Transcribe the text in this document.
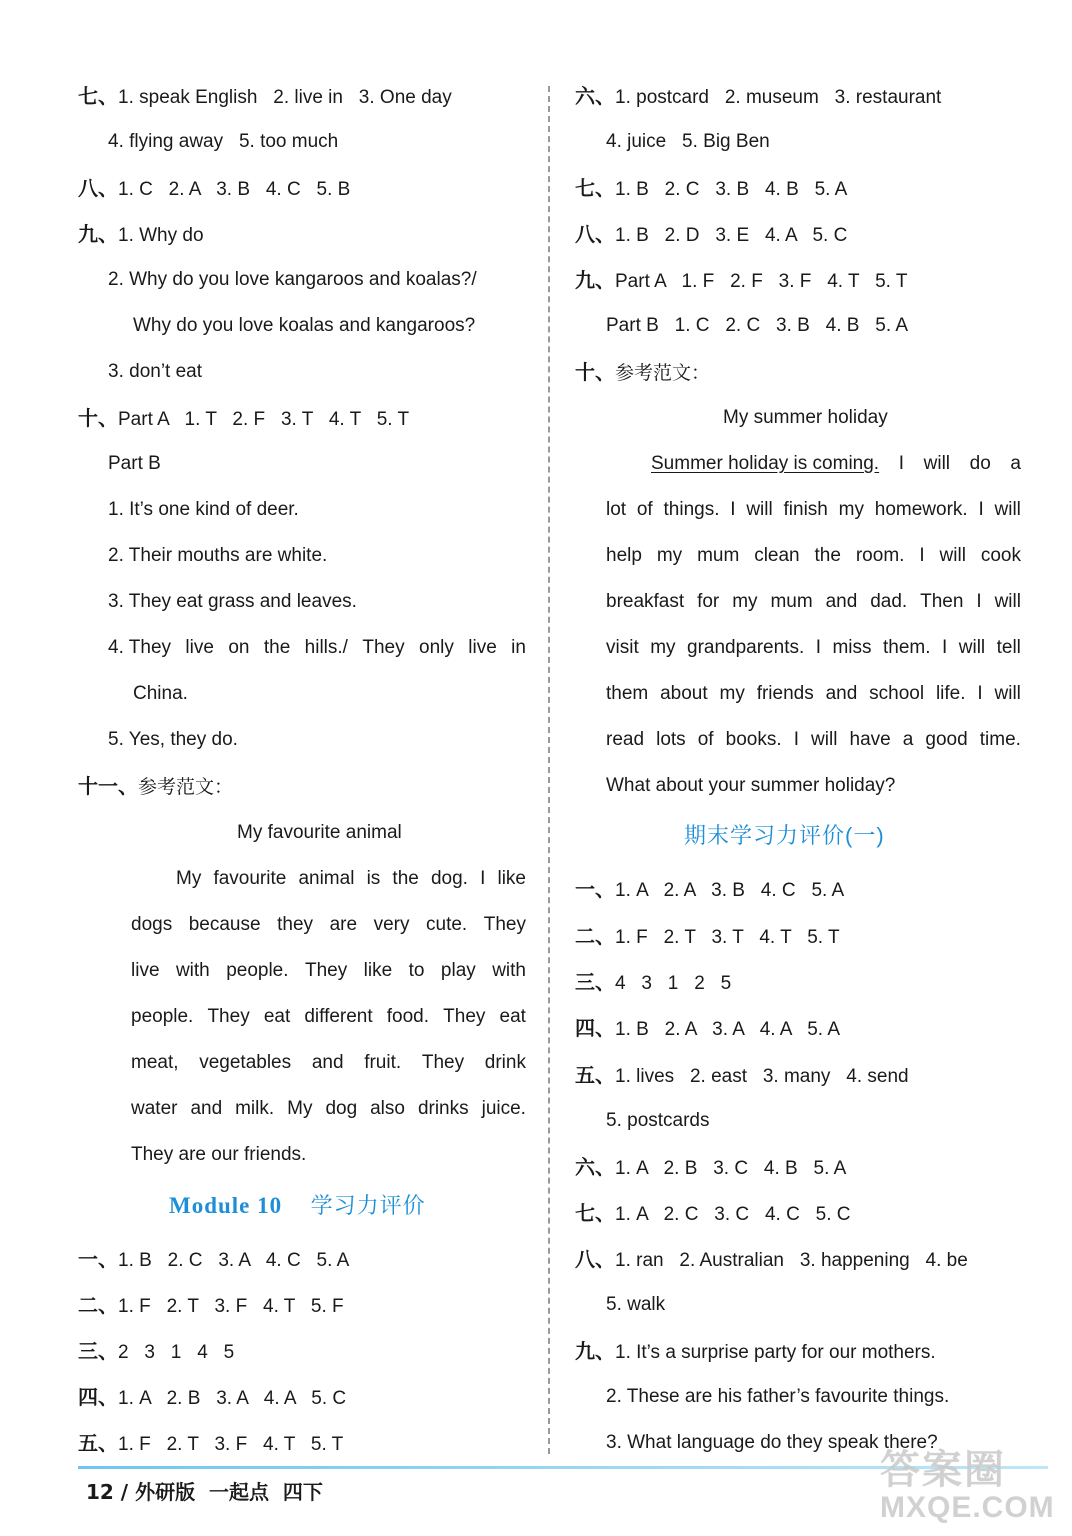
七、1. speak English   2. live in   3. One day
4. flying away   5. too much
八、1. C   2. A   3. B   4. C   5. B
九、1. Why do
2. Why do you love kangaroos and koalas?/
Why do you love koalas and kangaroos?
3. don’t eat
十、Part A   1. T   2. F   3. T   4. T   5. T
Part B
1. It’s one kind of deer.
2. Their mouths are white.
3. They eat grass and leaves.
4. They live on the hills./ They only live in
China.
5. Yes, they do.
十一、参考范文：
My favourite animal
My favourite animal is the dog. I like
dogs because they are very cute. They
live with people. They like to play with
people. They eat different food. They eat
meat, vegetables and fruit. They drink
water and milk. My dog also drinks juice.
They are our friends.
Module 10 学习力评价
一、1. B   2. C   3. A   4. C   5. A
二、1. F   2. T   3. F   4. T   5. F
三、2   3   1   4   5
四、1. A   2. B   3. A   4. A   5. C
五、1. F   2. T   3. F   4. T   5. T
六、1. postcard   2. museum   3. restaurant
4. juice   5. Big Ben
七、1. B   2. C   3. B   4. B   5. A
八、1. B   2. D   3. E   4. A   5. C
九、Part A   1. F   2. F   3. F   4. T   5. T
Part B   1. C   2. C   3. B   4. B   5. A
十、参考范文：
My summer holiday
Summer holiday is coming. I will do a
lot of things. I will finish my homework. I will
help my mum clean the room. I will cook
breakfast for my mum and dad. Then I will
visit my grandparents. I miss them. I will tell
them about my friends and school life. I will
read lots of books. I will have a good time.
What about your summer holiday?
期末学习力评价(一)
一、1. A   2. A   3. B   4. C   5. A
二、1. F   2. T   3. T   4. T   5. T
三、4   3   1   2   5
四、1. B   2. A   3. A   4. A   5. A
五、1. lives   2. east   3. many   4. send
5. postcards
六、1. A   2. B   3. C   4. B   5. A
七、1. A   2. C   3. C   4. C   5. C
八、1. ran   2. Australian   3. happening   4. be
5. walk
九、1. It’s a surprise party for our mothers.
2. These are his father’s favourite things.
3. What language do they speak there?
12 / 外研版  一起点  四下	答案圈
MXQE.COM
